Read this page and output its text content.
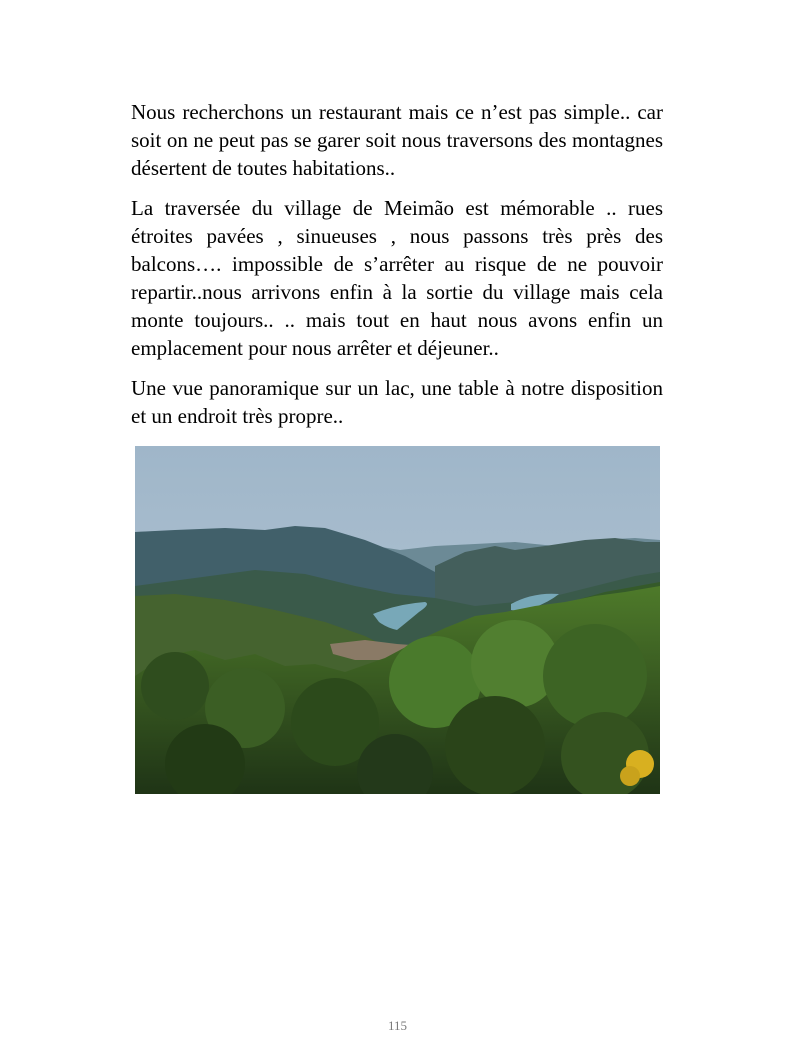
Nous recherchons un restaurant mais ce n’est pas simple.. car soit on ne peut pas se garer soit nous traversons des montagnes désertent de toutes habitations..

La traversée du village de Meimão est mémorable .. rues étroites pavées , sinueuses , nous passons très près des balcons…. impossible de s’arrêter au risque de ne pouvoir repartir..nous arrivons enfin à la sortie du village mais cela monte toujours.. .. mais tout en haut nous avons enfin un emplacement pour nous arrêter et déjeuner..

Une vue panoramique sur un lac, une table à notre disposition et un endroit très propre..

115
